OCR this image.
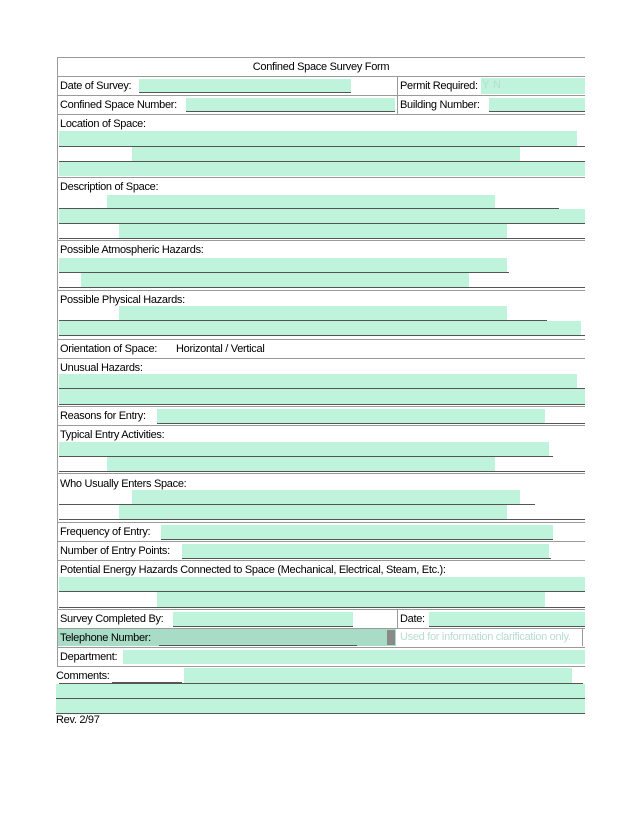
Confined Space Survey Form
Date of Survey:	Permit Required: Y N
Confined Space Number:	Building Number:
Location of Space:
Description of Space:
Possible Atmospheric Hazards:
Possible Physical Hazards:
Orientation of Space: Horizontal / Vertical
Unusual Hazards:
Reasons for Entry:
Typical Entry Activities:
Who Usually Enters Space:
Frequency of Entry:
Number of Entry Points:
Potential Energy Hazards Connected to Space (Mechanical, Electrical, Steam, Etc.):
Survey Completed By:	Date:
Telephone Number:	Used for information clarification only.
Department:
Comments:
Rev. 2/97
